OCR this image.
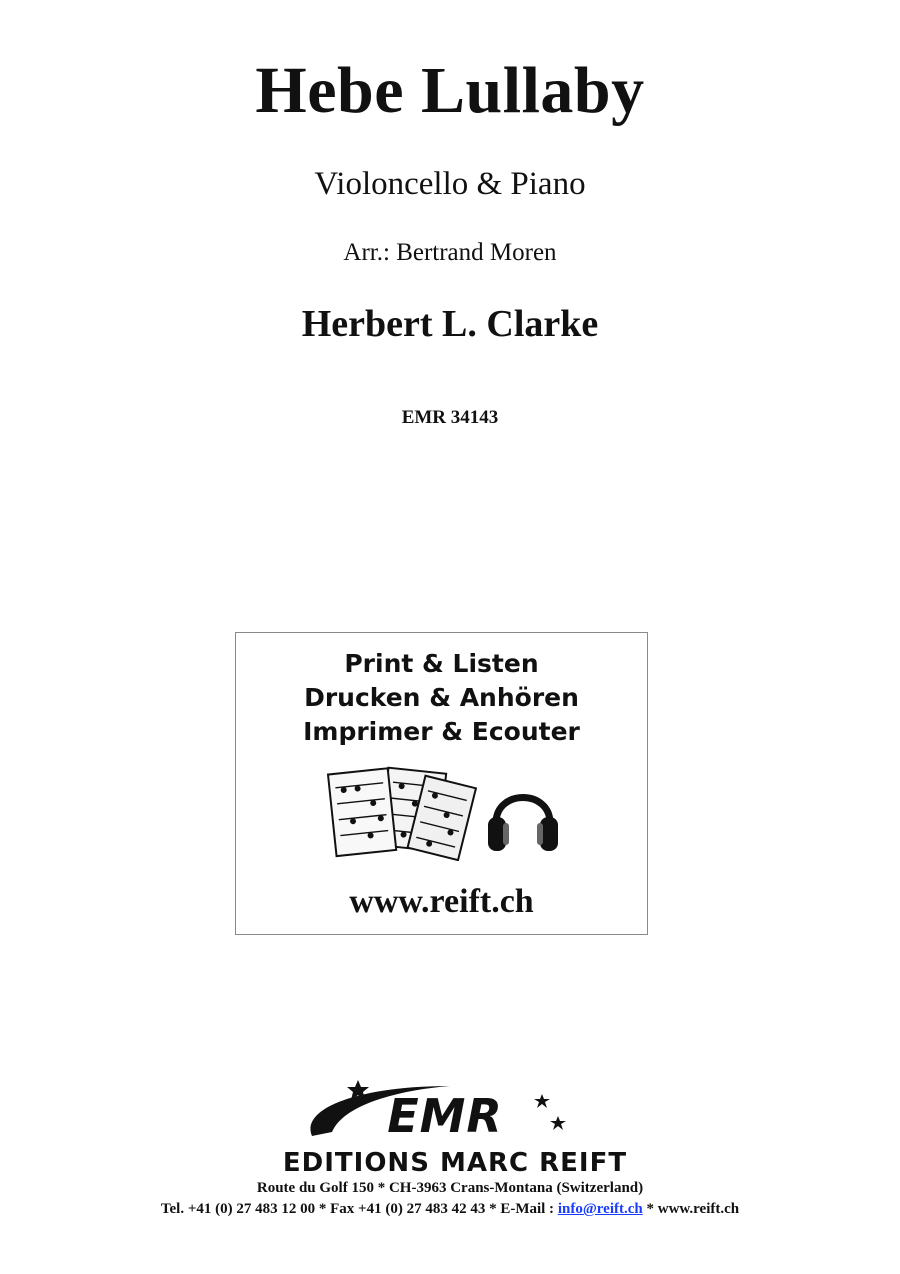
Hebe Lullaby
Violoncello & Piano
Arr.: Bertrand Moren
Herbert L. Clarke
EMR 34143
Print & Listen
Drucken & Anhören
Imprimer & Ecouter
www.reift.ch
EMR
EDITIONS MARC REIFT
Route du Golf 150 * CH-3963 Crans-Montana (Switzerland)
Tel. +41 (0) 27 483 12 00 * Fax +41 (0) 27 483 42 43 * E-Mail : info@reift.ch * www.reift.ch
